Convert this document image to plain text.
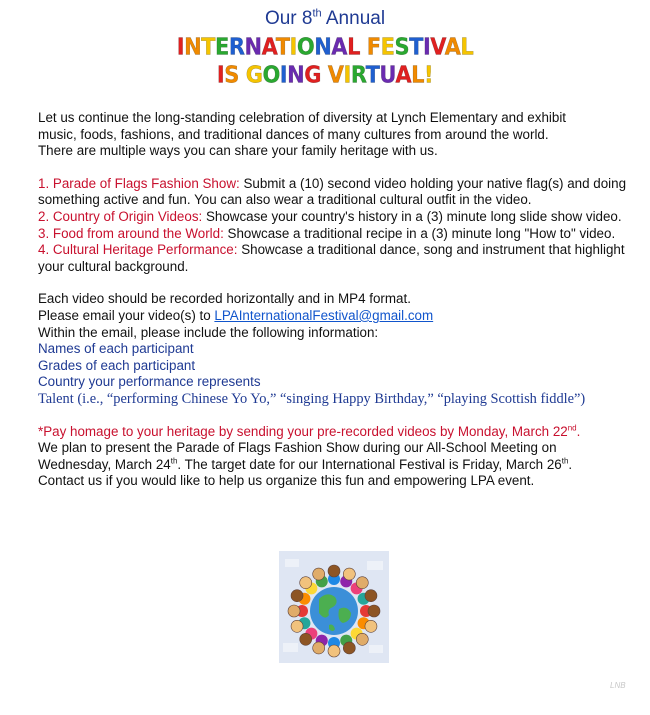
Our 8th Annual
INTERNATIONAL FESTIVAL
IS GOING VIRTUAL!

Let us continue the long-standing celebration of diversity at Lynch Elementary and exhibit

music, foods, fashions, and traditional dances of many cultures from around the world.

There are multiple ways you can share your family heritage with us.

1. Parade of Flags Fashion Show: Submit a (10) second video holding your native flag(s) and doing something active and fun. You can also wear a traditional cultural outfit in the video.

2. Country of Origin Videos: Showcase your country's history in a (3) minute long slide show video.

3. Food from around the World: Showcase a traditional recipe in a (3) minute long "How to" video.

4. Cultural Heritage Performance: Showcase a traditional dance, song and instrument that highlight your cultural background.

Each video should be recorded horizontally and in MP4 format.

Please email your video(s) to LPAInternationalFestival@gmail.com

Within the email, please include the following information:

Names of each participant

Grades of each participant

Country your performance represents

Talent (i.e., “performing Chinese Yo Yo,” “singing Happy Birthday,” “playing Scottish fiddle”)

*Pay homage to your heritage by sending your pre-recorded videos by Monday, March 22nd.

We plan to present the Parade of Flags Fashion Show during our All-School Meeting on

Wednesday, March 24th. The target date for our International Festival is Friday, March 26th.

Contact us if you would like to help us organize this fun and empowering LPA event.

LNB
